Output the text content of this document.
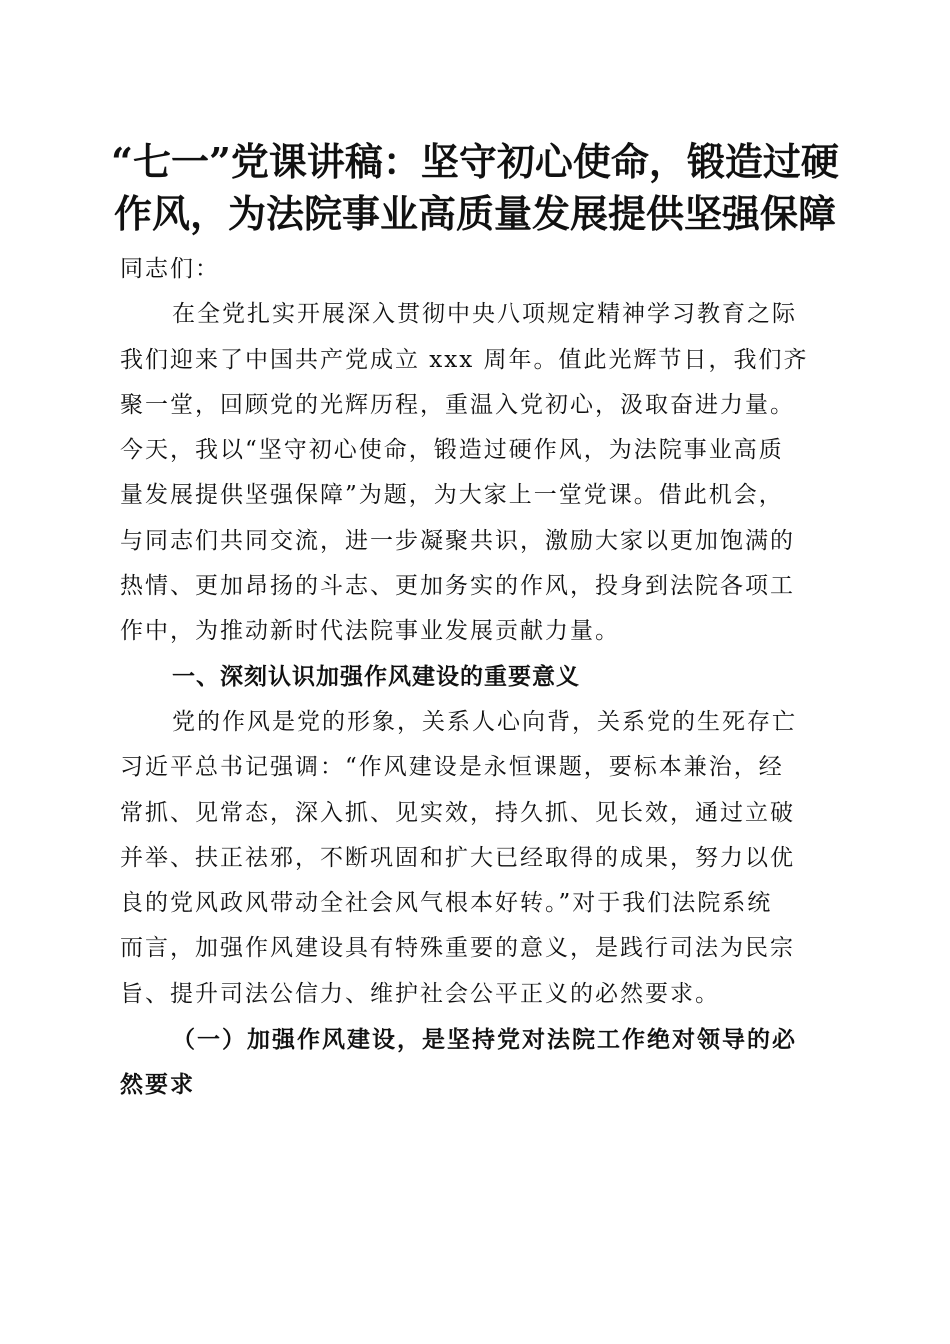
“七一”党课讲稿：坚守初心使命，锻造过硬
作风，为法院事业高质量发展提供坚强保障
同志们：
在全党扎实开展深入贯彻中央八项规定精神学习教育之际
我们迎来了中国共产党成立 xxx 周年。值此光辉节日，我们齐
聚一堂，回顾党的光辉历程，重温入党初心，汲取奋进力量。
今天，我以“坚守初心使命，锻造过硬作风，为法院事业高质
量发展提供坚强保障”为题，为大家上一堂党课。借此机会，
与同志们共同交流，进一步凝聚共识，激励大家以更加饱满的
热情、更加昂扬的斗志、更加务实的作风，投身到法院各项工
作中，为推动新时代法院事业发展贡献力量。
一、深刻认识加强作风建设的重要意义
党的作风是党的形象，关系人心向背，关系党的生死存亡
习近平总书记强调：“作风建设是永恒课题，要标本兼治，经
常抓、见常态，深入抓、见实效，持久抓、见长效，通过立破
并举、扶正祛邪，不断巩固和扩大已经取得的成果，努力以优
良的党风政风带动全社会风气根本好转。”对于我们法院系统
而言，加强作风建设具有特殊重要的意义，是践行司法为民宗
旨、提升司法公信力、维护社会公平正义的必然要求。
（一）加强作风建设，是坚持党对法院工作绝对领导的必
然要求
